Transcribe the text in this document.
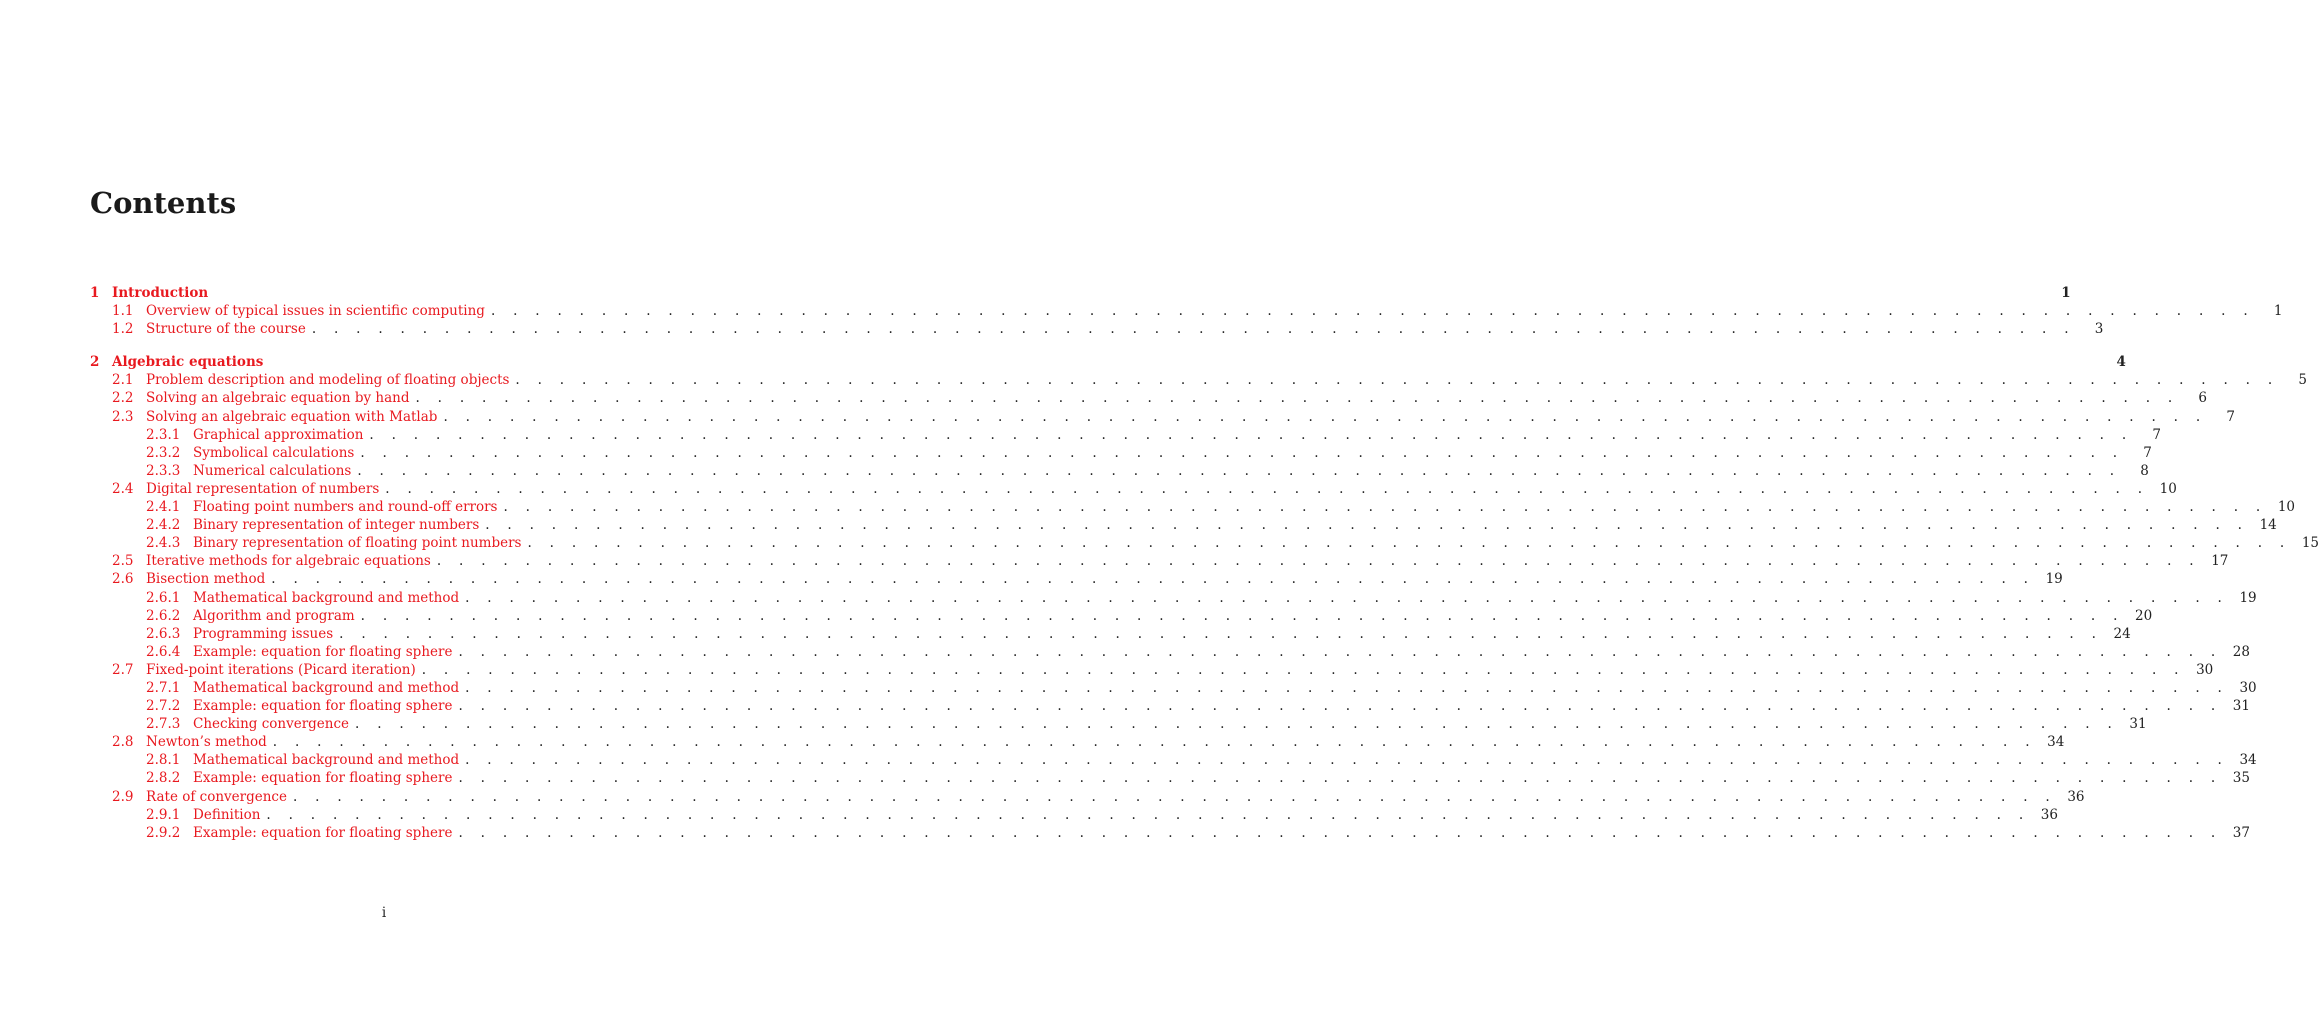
Contents
1 Introduction	1
1.1 Overview of typical issues in scientific computing . . . . . . . . . . . . . . . . . . . . . . . . . . . . . . . . . . . . . . . . . . . . . . . . . . . . . . . . . . . . . . . . . . . . . . . . . . . . . . . .	1
1.2 Structure of the course . . . . . . . . . . . . . . . . . . . . . . . . . . . . . . . . . . . . . . . . . . . . . . . . . . . . . . . . . . . . . . . . . . . . . . . . . . . . . . . .	3
2 Algebraic equations	4
2.1 Problem description and modeling of floating objects . . . . . . . . . . . . . . . . . . . . . . . . . . . . . . . . . . . . . . . . . . . . . . . . . . . . . . . . . . . . . . . . . . . . . . . . . . . . . . . .	5
2.2 Solving an algebraic equation by hand . . . . . . . . . . . . . . . . . . . . . . . . . . . . . . . . . . . . . . . . . . . . . . . . . . . . . . . . . . . . . . . . . . . . . . . . . . . . . . . .	6
2.3 Solving an algebraic equation with Matlab . . . . . . . . . . . . . . . . . . . . . . . . . . . . . . . . . . . . . . . . . . . . . . . . . . . . . . . . . . . . . . . . . . . . . . . . . . . . . . . .	7
2.3.1 Graphical approximation . . . . . . . . . . . . . . . . . . . . . . . . . . . . . . . . . . . . . . . . . . . . . . . . . . . . . . . . . . . . . . . . . . . . . . . . . . . . . . . .	7
2.3.2 Symbolical calculations . . . . . . . . . . . . . . . . . . . . . . . . . . . . . . . . . . . . . . . . . . . . . . . . . . . . . . . . . . . . . . . . . . . . . . . . . . . . . . . .	7
2.3.3 Numerical calculations . . . . . . . . . . . . . . . . . . . . . . . . . . . . . . . . . . . . . . . . . . . . . . . . . . . . . . . . . . . . . . . . . . . . . . . . . . . . . . . .	8
2.4 Digital representation of numbers . . . . . . . . . . . . . . . . . . . . . . . . . . . . . . . . . . . . . . . . . . . . . . . . . . . . . . . . . . . . . . . . . . . . . . . . . . . . . . . . 10
2.4.1 Floating point numbers and round-off errors . . . . . . . . . . . . . . . . . . . . . . . . . . . . . . . . . . . . . . . . . . . . . . . . . . . . . . . . . . . . . . . . . . . . . . . . . . . . . . . . 10
2.4.2 Binary representation of integer numbers . . . . . . . . . . . . . . . . . . . . . . . . . . . . . . . . . . . . . . . . . . . . . . . . . . . . . . . . . . . . . . . . . . . . . . . . . . . . . . . . 14
2.4.3 Binary representation of floating point numbers . . . . . . . . . . . . . . . . . . . . . . . . . . . . . . . . . . . . . . . . . . . . . . . . . . . . . . . . . . . . . . . . . . . . . . . . . . . . . . . . 15
2.5 Iterative methods for algebraic equations . . . . . . . . . . . . . . . . . . . . . . . . . . . . . . . . . . . . . . . . . . . . . . . . . . . . . . . . . . . . . . . . . . . . . . . . . . . . . . . . 17
2.6 Bisection method . . . . . . . . . . . . . . . . . . . . . . . . . . . . . . . . . . . . . . . . . . . . . . . . . . . . . . . . . . . . . . . . . . . . . . . . . . . . . . . . 19
2.6.1 Mathematical background and method . . . . . . . . . . . . . . . . . . . . . . . . . . . . . . . . . . . . . . . . . . . . . . . . . . . . . . . . . . . . . . . . . . . . . . . . . . . . . . . . 19
2.6.2 Algorithm and program . . . . . . . . . . . . . . . . . . . . . . . . . . . . . . . . . . . . . . . . . . . . . . . . . . . . . . . . . . . . . . . . . . . . . . . . . . . . . . . . 20
2.6.3 Programming issues . . . . . . . . . . . . . . . . . . . . . . . . . . . . . . . . . . . . . . . . . . . . . . . . . . . . . . . . . . . . . . . . . . . . . . . . . . . . . . . . 24
2.6.4 Example: equation for floating sphere . . . . . . . . . . . . . . . . . . . . . . . . . . . . . . . . . . . . . . . . . . . . . . . . . . . . . . . . . . . . . . . . . . . . . . . . . . . . . . . . 28
2.7 Fixed-point iterations (Picard iteration) . . . . . . . . . . . . . . . . . . . . . . . . . . . . . . . . . . . . . . . . . . . . . . . . . . . . . . . . . . . . . . . . . . . . . . . . . . . . . . . . 30
2.7.1 Mathematical background and method . . . . . . . . . . . . . . . . . . . . . . . . . . . . . . . . . . . . . . . . . . . . . . . . . . . . . . . . . . . . . . . . . . . . . . . . . . . . . . . . 30
2.7.2 Example: equation for floating sphere . . . . . . . . . . . . . . . . . . . . . . . . . . . . . . . . . . . . . . . . . . . . . . . . . . . . . . . . . . . . . . . . . . . . . . . . . . . . . . . . 31
2.7.3 Checking convergence . . . . . . . . . . . . . . . . . . . . . . . . . . . . . . . . . . . . . . . . . . . . . . . . . . . . . . . . . . . . . . . . . . . . . . . . . . . . . . . . 31
2.8 Newton’s method . . . . . . . . . . . . . . . . . . . . . . . . . . . . . . . . . . . . . . . . . . . . . . . . . . . . . . . . . . . . . . . . . . . . . . . . . . . . . . . . 34
2.8.1 Mathematical background and method . . . . . . . . . . . . . . . . . . . . . . . . . . . . . . . . . . . . . . . . . . . . . . . . . . . . . . . . . . . . . . . . . . . . . . . . . . . . . . . . 34
2.8.2 Example: equation for floating sphere . . . . . . . . . . . . . . . . . . . . . . . . . . . . . . . . . . . . . . . . . . . . . . . . . . . . . . . . . . . . . . . . . . . . . . . . . . . . . . . . 35
2.9 Rate of convergence . . . . . . . . . . . . . . . . . . . . . . . . . . . . . . . . . . . . . . . . . . . . . . . . . . . . . . . . . . . . . . . . . . . . . . . . . . . . . . . . 36
2.9.1 Definition . . . . . . . . . . . . . . . . . . . . . . . . . . . . . . . . . . . . . . . . . . . . . . . . . . . . . . . . . . . . . . . . . . . . . . . . . . . . . . . . 36
2.9.2 Example: equation for floating sphere . . . . . . . . . . . . . . . . . . . . . . . . . . . . . . . . . . . . . . . . . . . . . . . . . . . . . . . . . . . . . . . . . . . . . . . . . . . . . . . . 37
i
